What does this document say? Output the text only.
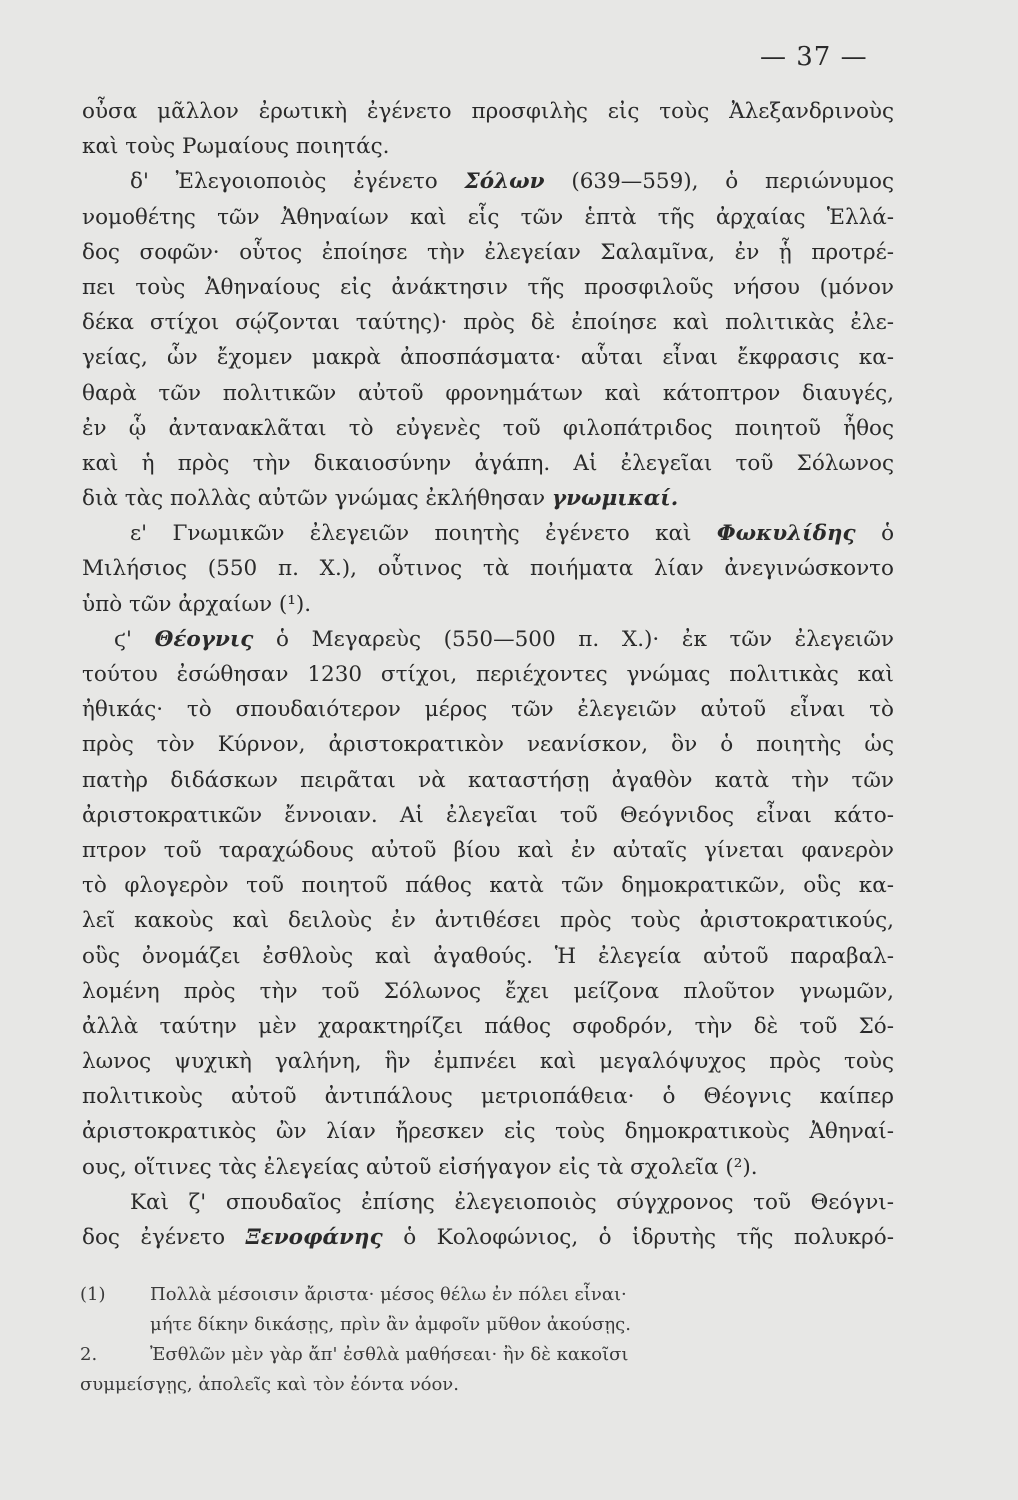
— 37 —
οὖσα μᾶλλον ἐρωτικὴ ἐγένετο προσφιλὴς εἰς τοὺς Ἀλεξανδρινοὺς
καὶ τοὺς Ρωμαίους ποιητάς.
δ' Ἐλεγοιοποιὸς ἐγένετο Σόλων (639—559), ὁ περιώνυμος
νομοθέτης τῶν Ἀθηναίων καὶ εἷς τῶν ἑπτὰ τῆς ἀρχαίας Ἑλλά-
δος σοφῶν· οὗτος ἐποίησε τὴν ἐλεγείαν Σαλαμῖνα, ἐν ᾗ προτρέ-
πει τοὺς Ἀθηναίους εἰς ἀνάκτησιν τῆς προσφιλοῦς νήσου (μόνον
δέκα στίχοι σῴζονται ταύτης)· πρὸς δὲ ἐποίησε καὶ πολιτικὰς ἐλε-
γείας, ὧν ἔχομεν μακρὰ ἀποσπάσματα· αὗται εἶναι ἔκφρασις κα-
θαρὰ τῶν πολιτικῶν αὐτοῦ φρονημάτων καὶ κάτοπτρον διαυγές,
ἐν ᾧ ἀντανακλᾶται τὸ εὐγενὲς τοῦ φιλοπάτριδος ποιητοῦ ἦθος
καὶ ἡ πρὸς τὴν δικαιοσύνην ἀγάπη. Αἱ ἐλεγεῖαι τοῦ Σόλωνος
διὰ τὰς πολλὰς αὐτῶν γνώμας ἐκλήθησαν γνωμικαί.
ε' Γνωμικῶν ἐλεγειῶν ποιητὴς ἐγένετο καὶ Φωκυλίδης ὁ
Μιλήσιος (550 π. Χ.), οὗτινος τὰ ποιήματα λίαν ἀνεγινώσκοντο
ὑπὸ τῶν ἀρχαίων (¹).
ϛ' Θέογνις ὁ Μεγαρεὺς (550—500 π. Χ.)· ἐκ τῶν ἐλεγειῶν
τούτου ἐσώθησαν 1230 στίχοι, περιέχοντες γνώμας πολιτικὰς καὶ
ἠθικάς· τὸ σπουδαιότερον μέρος τῶν ἐλεγειῶν αὐτοῦ εἶναι τὸ
πρὸς τὸν Κύρνον, ἀριστοκρατικὸν νεανίσκον, ὃν ὁ ποιητὴς ὡς
πατὴρ διδάσκων πειρᾶται νὰ καταστήσῃ ἀγαθὸν κατὰ τὴν τῶν
ἀριστοκρατικῶν ἔννοιαν. Αἱ ἐλεγεῖαι τοῦ Θεόγνιδος εἶναι κάτο-
πτρον τοῦ ταραχώδους αὐτοῦ βίου καὶ ἐν αὐταῖς γίνεται φανερὸν
τὸ φλογερὸν τοῦ ποιητοῦ πάθος κατὰ τῶν δημοκρατικῶν, οὓς κα-
λεῖ κακοὺς καὶ δειλοὺς ἐν ἀντιθέσει πρὸς τοὺς ἀριστοκρατικούς,
οὓς ὀνομάζει ἐσθλοὺς καὶ ἀγαθούς. Ἡ ἐλεγεία αὐτοῦ παραβαλ-
λομένη πρὸς τὴν τοῦ Σόλωνος ἔχει μείζονα πλοῦτον γνωμῶν,
ἀλλὰ ταύτην μὲν χαρακτηρίζει πάθος σφοδρόν, τὴν δὲ τοῦ Σό-
λωνος ψυχικὴ γαλήνη, ἣν ἐμπνέει καὶ μεγαλόψυχος πρὸς τοὺς
πολιτικοὺς αὐτοῦ ἀντιπάλους μετριοπάθεια· ὁ Θέογνις καίπερ
ἀριστοκρατικὸς ὢν λίαν ἤρεσκεν εἰς τοὺς δημοκρατικοὺς Ἀθηναί-
ους, οἵτινες τὰς ἐλεγείας αὐτοῦ εἰσήγαγον εἰς τὰ σχολεῖα (²).
Καὶ ζ' σπουδαῖος ἐπίσης ἐλεγειοποιὸς σύγχρονος τοῦ Θεόγνι-
δος ἐγένετο Ξενοφάνης ὁ Κολοφώνιος, ὁ ἱδρυτὴς τῆς πολυκρό-
(1) Πολλὰ μέσοισιν ἄριστα· μέσος θέλω ἐν πόλει εἶναι·
μήτε δίκην δικάσῃς, πρὶν ἂν ἀμφοῖν μῦθον ἀκούσῃς.
2.	Ἐσθλῶν μὲν γὰρ ἄπ' ἐσθλὰ μαθήσεαι· ἢν δὲ κακοῖσι
συμμείσγῃς, ἀπολεῖς καὶ τὸν ἐόντα νόον.
